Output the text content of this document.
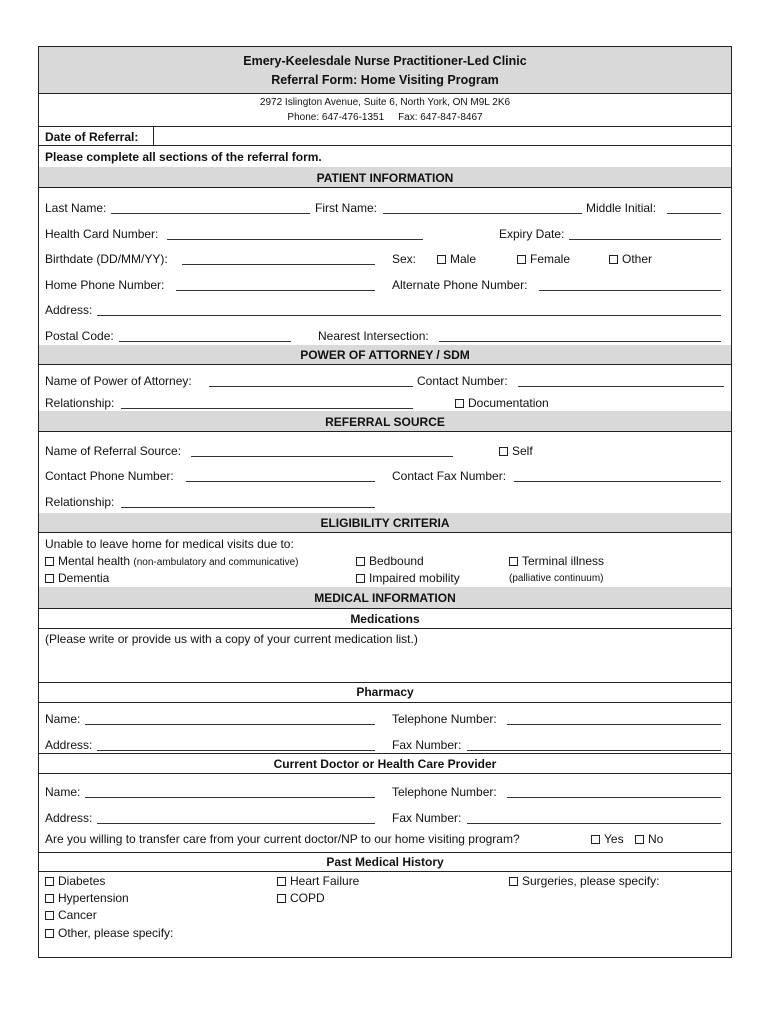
Emery-Keelesdale Nurse Practitioner-Led Clinic
Referral Form: Home Visiting Program
2972 Islington Avenue, Suite 6, North York, ON M9L 2K6
Phone: 647-476-1351 Fax: 647-847-8467
Date of Referral:
Please complete all sections of the referral form.
PATIENT INFORMATION
Last Name:	First Name:	Middle Initial:
Health Card Number:	Expiry Date:
Birthdate (DD/MM/YY):	Sex:	Male	Female	Other
Home Phone Number:	Alternate Phone Number:
Address:
Postal Code:	Nearest Intersection:
POWER OF ATTORNEY / SDM
Name of Power of Attorney:	Contact Number:
Relationship:	Documentation
REFERRAL SOURCE
Name of Referral Source:	Self
Contact Phone Number:	Contact Fax Number:
Relationship:
ELIGIBILITY CRITERIA
Unable to leave home for medical visits due to:
Mental health (non-ambulatory and communicative)	Bedbound	Terminal illness
Dementia	Impaired mobility	(palliative continuum)
MEDICAL INFORMATION
Medications
(Please write or provide us with a copy of your current medication list.)
Pharmacy
Name:	Telephone Number:
Address:	Fax Number:
Current Doctor or Health Care Provider
Name:	Telephone Number:
Address:	Fax Number:
Are you willing to transfer care from your current doctor/NP to our home visiting program?	Yes	No
Past Medical History
Diabetes	Heart Failure	Surgeries, please specify:
Hypertension	COPD
Cancer
Other, please specify:
